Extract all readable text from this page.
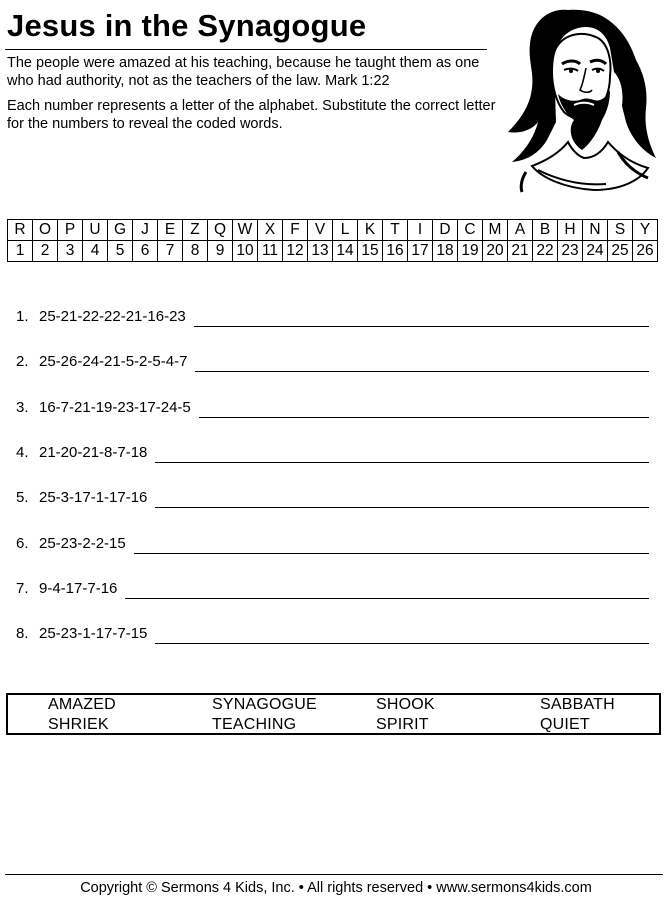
Jesus in the Synagogue

The people were amazed at his teaching, because he taught them as one who had authority, not as the teachers of the law. Mark 1:22

Each number represents a letter of the alphabet. Substitute the correct letter for the numbers to reveal the coded words.

R	O	P	U	G	J	E	Z	Q	W	X	F	V	L	K	T	I	D	C	M	A	B	H	N	S	Y
1	2	3	4	5	6	7	8	9	10	11	12	13	14	15	16	17	18	19	20	21	22	23	24	25	26
1. 25-21-22-22-21-16-23
2. 25-26-24-21-5-2-5-4-7
3. 16-7-21-19-23-17-24-5
4. 21-20-21-8-7-18
5. 25-3-17-1-17-16
6. 25-23-2-2-15
7. 9-4-17-7-16
8. 25-23-1-17-7-15
AMAZED	SYNAGOGUE	SHOOK	SABBATH
SHRIEK	TEACHING	SPIRIT	QUIET
Copyright © Sermons 4 Kids, Inc. • All rights reserved • www.sermons4kids.com
